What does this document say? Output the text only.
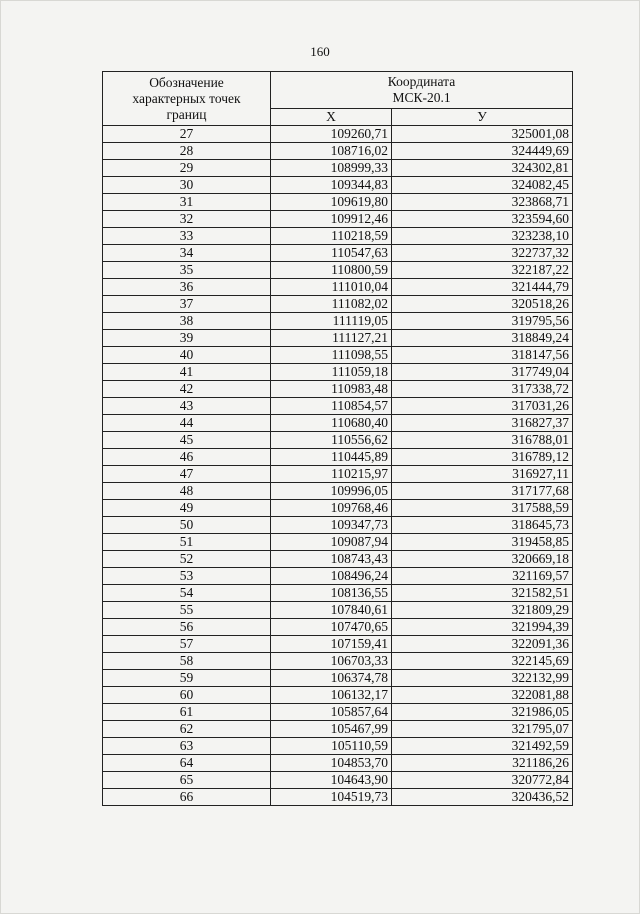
160
Обозначение
характерных точек
границ	Координата
МСК-20.1	

	Х	У
27	109260,71	325001,08
28	108716,02	324449,69
29	108999,33	324302,81
30	109344,83	324082,45
31	109619,80	323868,71
32	109912,46	323594,60
33	110218,59	323238,10
34	110547,63	322737,32
35	110800,59	322187,22
36	111010,04	321444,79
37	111082,02	320518,26
38	111119,05	319795,56
39	111127,21	318849,24
40	111098,55	318147,56
41	111059,18	317749,04
42	110983,48	317338,72
43	110854,57	317031,26
44	110680,40	316827,37
45	110556,62	316788,01
46	110445,89	316789,12
47	110215,97	316927,11
48	109996,05	317177,68
49	109768,46	317588,59
50	109347,73	318645,73
51	109087,94	319458,85
52	108743,43	320669,18
53	108496,24	321169,57
54	108136,55	321582,51
55	107840,61	321809,29
56	107470,65	321994,39
57	107159,41	322091,36
58	106703,33	322145,69
59	106374,78	322132,99
60	106132,17	322081,88
61	105857,64	321986,05
62	105467,99	321795,07
63	105110,59	321492,59
64	104853,70	321186,26
65	104643,90	320772,84
66	104519,73	320436,52
